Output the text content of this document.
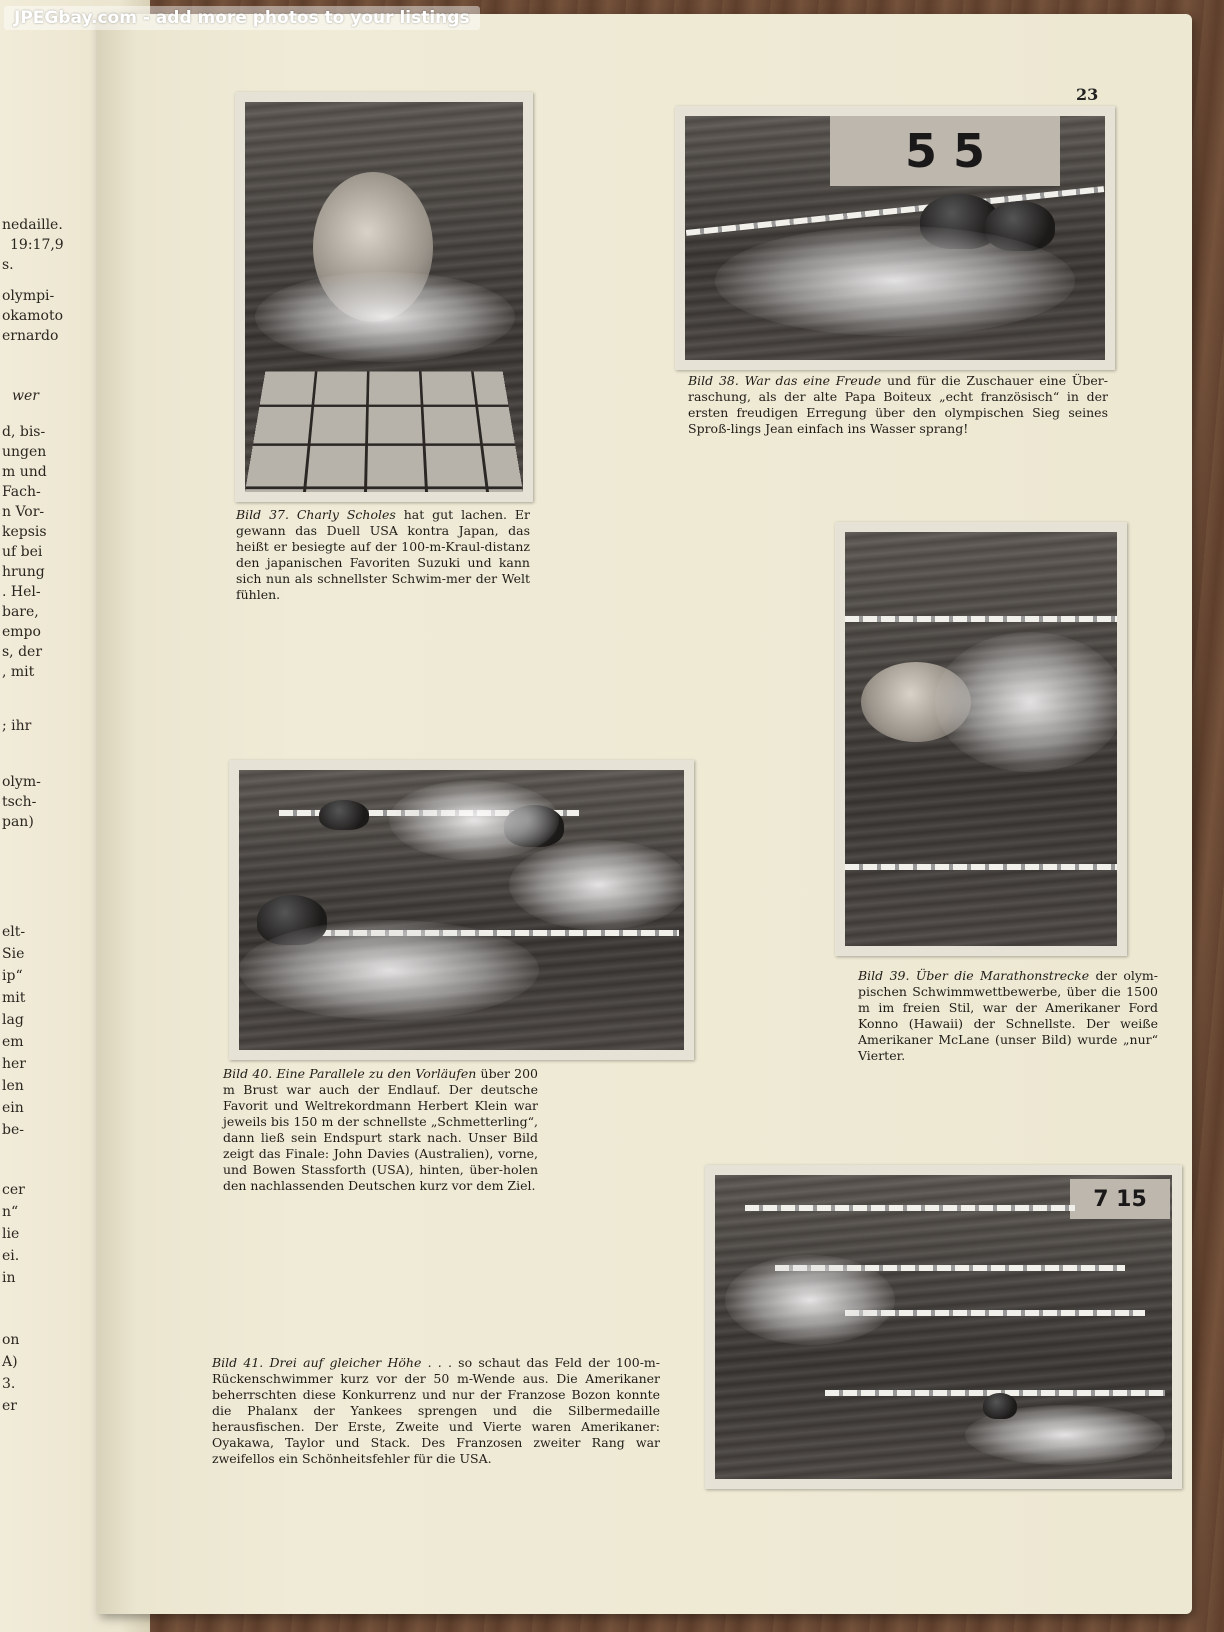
nedaille.
19:17,9
s.
olympi-
okamoto
ernardo
wer
d, bis-
ungen
m und
Fach-
n Vor-
kepsis
uf bei
hrung
. Hel-
bare,
empo
s, der
, mit
; ihr
olym-
tsch-
pan)
elt-
Sie
ip“
mit
lag
em
her
len
ein
be-
cer
n“
lie
ei.
in
on
A)
3.
er
JPEGbay.com - add more photos to your listings
23
Bild 37. Charly Scholes hat gut lachen. Er gewann das Duell USA kontra Japan, das heißt er besiegte auf der 100-m-Kraul-distanz den japanischen Favoriten Suzuki und kann sich nun als schnellster Schwim-mer der Welt fühlen.
5 5
Bild 38. War das eine Freude und für die Zuschauer eine Über-raschung, als der alte Papa Boiteux „echt französisch“ in der ersten freudigen Erregung über den olympischen Sieg seines Sproß-lings Jean einfach ins Wasser sprang!
Bild 39. Über die Marathonstrecke der olym-pischen Schwimmwettbewerbe, über die 1500 m im freien Stil, war der Amerikaner Ford Konno (Hawaii) der Schnellste. Der weiße Amerikaner McLane (unser Bild) wurde „nur“ Vierter.
Bild 40. Eine Parallele zu den Vorläufen über 200 m Brust war auch der Endlauf. Der deutsche Favorit und Weltrekordmann Herbert Klein war jeweils bis 150 m der schnellste „Schmetterling“, dann ließ sein Endspurt stark nach. Unser Bild zeigt das Finale: John Davies (Australien), vorne, und Bowen Stassforth (USA), hinten, über-holen den nachlassenden Deutschen kurz vor dem Ziel.
7 15
Bild 41. Drei auf gleicher Höhe . . . so schaut das Feld der 100-m-Rückenschwimmer kurz vor der 50 m-Wende aus. Die Amerikaner beherrschten diese Konkurrenz und nur der Franzose Bozon konnte die Phalanx der Yankees sprengen und die Silbermedaille herausfischen. Der Erste, Zweite und Vierte waren Amerikaner: Oyakawa, Taylor und Stack. Des Franzosen zweiter Rang war zweifellos ein Schönheitsfehler für die USA.
